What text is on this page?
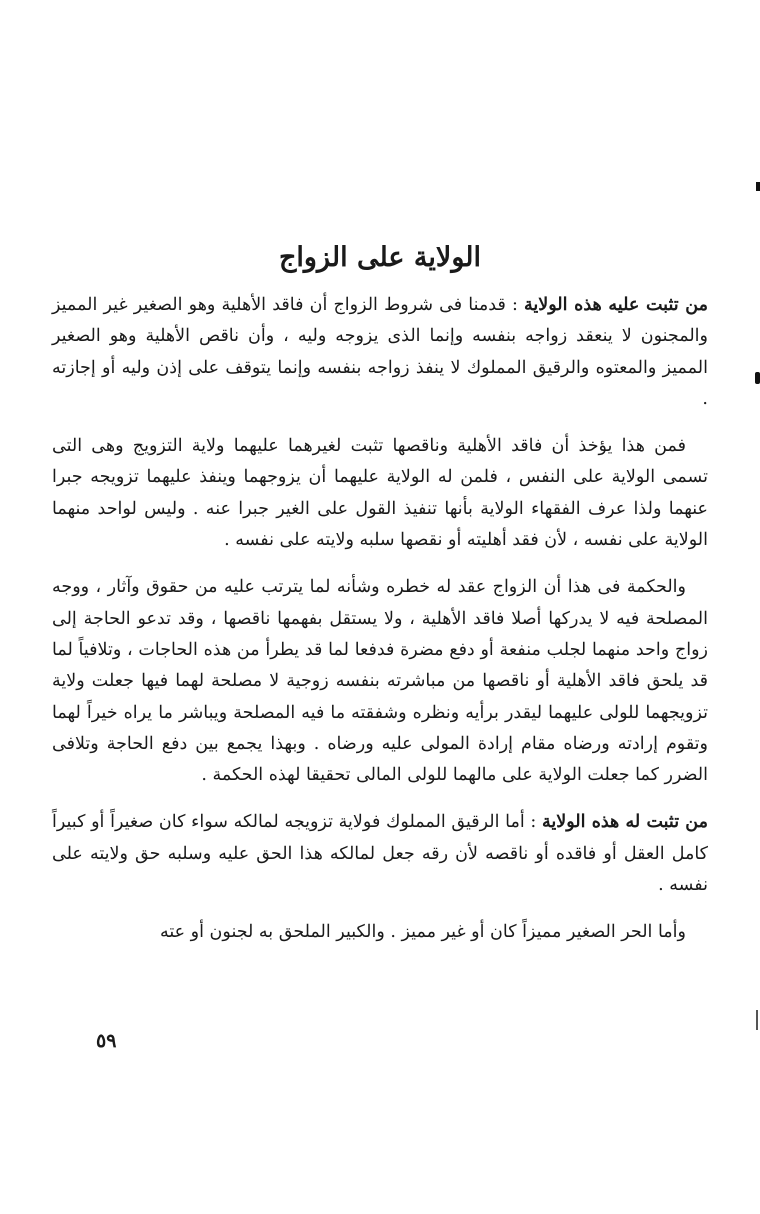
الولاية على الزواج

من تثبت عليه هذه الولاية : قدمنا فى شروط الزواج أن فاقد الأهلية وهو الصغير غير المميز والمجنون لا ينعقد زواجه بنفسه وإنما الذى يزوجه وليه ، وأن ناقص الأهلية وهو الصغير المميز والمعتوه والرقيق المملوك لا ينفذ زواجه بنفسه وإنما يتوقف على إذن وليه أو إجازته .

فمن هذا يؤخذ أن فاقد الأهلية وناقصها تثبت لغيرهما عليهما ولاية التزويج وهى التى تسمى الولاية على النفس ، فلمن له الولاية عليهما أن يزوجهما وينفذ عليهما تزويجه جبرا عنهما ولذا عرف الفقهاء الولاية بأنها تنفيذ القول على الغير جبرا عنه . وليس لواحد منهما الولاية على نفسه ، لأن فقد أهليته أو نقصها سلبه ولايته على نفسه .

والحكمة فى هذا أن الزواج عقد له خطره وشأنه لما يترتب عليه من حقوق وآثار ، ووجه المصلحة فيه لا يدركها أصلا فاقد الأهلية ، ولا يستقل بفهمها ناقصها ، وقد تدعو الحاجة إلى زواج واحد منهما لجلب منفعة أو دفع مضرة فدفعا لما قد يطرأ من هذه الحاجات ، وتلافياً لما قد يلحق فاقد الأهلية أو ناقصها من مباشرته بنفسه زوجية لا مصلحة لهما فيها جعلت ولاية تزويجهما للولى عليهما ليقدر برأيه ونظره وشفقته ما فيه المصلحة ويباشر ما يراه خيراً لهما وتقوم إرادته ورضاه مقام إرادة المولى عليه ورضاه . وبهذا يجمع بين دفع الحاجة وتلافى الضرر كما جعلت الولاية على مالهما للولى المالى تحقيقا لهذه الحكمة .

من تثبت له هذه الولاية : أما الرقيق المملوك فولاية تزويجه لمالكه سواء كان صغيراً أو كبيراً كامل العقل أو فاقده أو ناقصه لأن رقه جعل لمالكه هذا الحق عليه وسلبه حق ولايته على نفسه .

وأما الحر الصغير مميزاً كان أو غير مميز . والكبير الملحق به لجنون أو عته

٥٩
